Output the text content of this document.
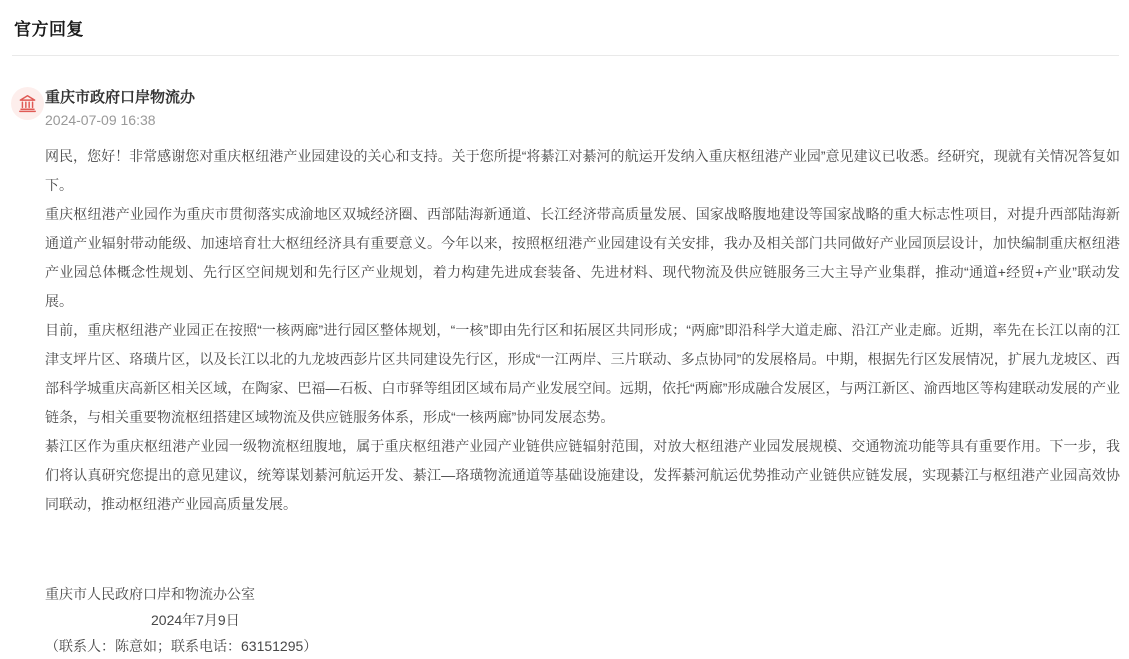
官方回复
重庆市政府口岸物流办
2024-07-09 16:38

网民，您好！非常感谢您对重庆枢纽港产业园建设的关心和支持。关于您所提“将綦江对綦河的航运开发纳入重庆枢纽港产业园”意见建议已收悉。经研究，现就有关情况答复如下。

重庆枢纽港产业园作为重庆市贯彻落实成渝地区双城经济圈、西部陆海新通道、长江经济带高质量发展、国家战略腹地建设等国家战略的重大标志性项目，对提升西部陆海新通道产业辐射带动能级、加速培育壮大枢纽经济具有重要意义。今年以来，按照枢纽港产业园建设有关安排，我办及相关部门共同做好产业园顶层设计，加快编制重庆枢纽港产业园总体概念性规划、先行区空间规划和先行区产业规划，着力构建先进成套装备、先进材料、现代物流及供应链服务三大主导产业集群，推动“通道+经贸+产业”联动发展。

目前，重庆枢纽港产业园正在按照“一核两廊”进行园区整体规划，“一核”即由先行区和拓展区共同形成；“两廊”即沿科学大道走廊、沿江产业走廊。近期，率先在长江以南的江津支坪片区、珞璜片区，以及长江以北的九龙坡西彭片区共同建设先行区，形成“一江两岸、三片联动、多点协同”的发展格局。中期，根据先行区发展情况，扩展九龙坡区、西部科学城重庆高新区相关区域，在陶家、巴福—石板、白市驿等组团区域布局产业发展空间。远期，依托“两廊”形成融合发展区，与两江新区、渝西地区等构建联动发展的产业链条，与相关重要物流枢纽搭建区域物流及供应链服务体系，形成“一核两廊”协同发展态势。

綦江区作为重庆枢纽港产业园一级物流枢纽腹地，属于重庆枢纽港产业园产业链供应链辐射范围，对放大枢纽港产业园发展规模、交通物流功能等具有重要作用。下一步，我们将认真研究您提出的意见建议，统筹谋划綦河航运开发、綦江—珞璜物流通道等基础设施建设，发挥綦河航运优势推动产业链供应链发展，实现綦江与枢纽港产业园高效协同联动，推动枢纽港产业园高质量发展。

重庆市人民政府口岸和物流办公室
2024年7月9日
（联系人：陈意如；联系电话：63151295）
